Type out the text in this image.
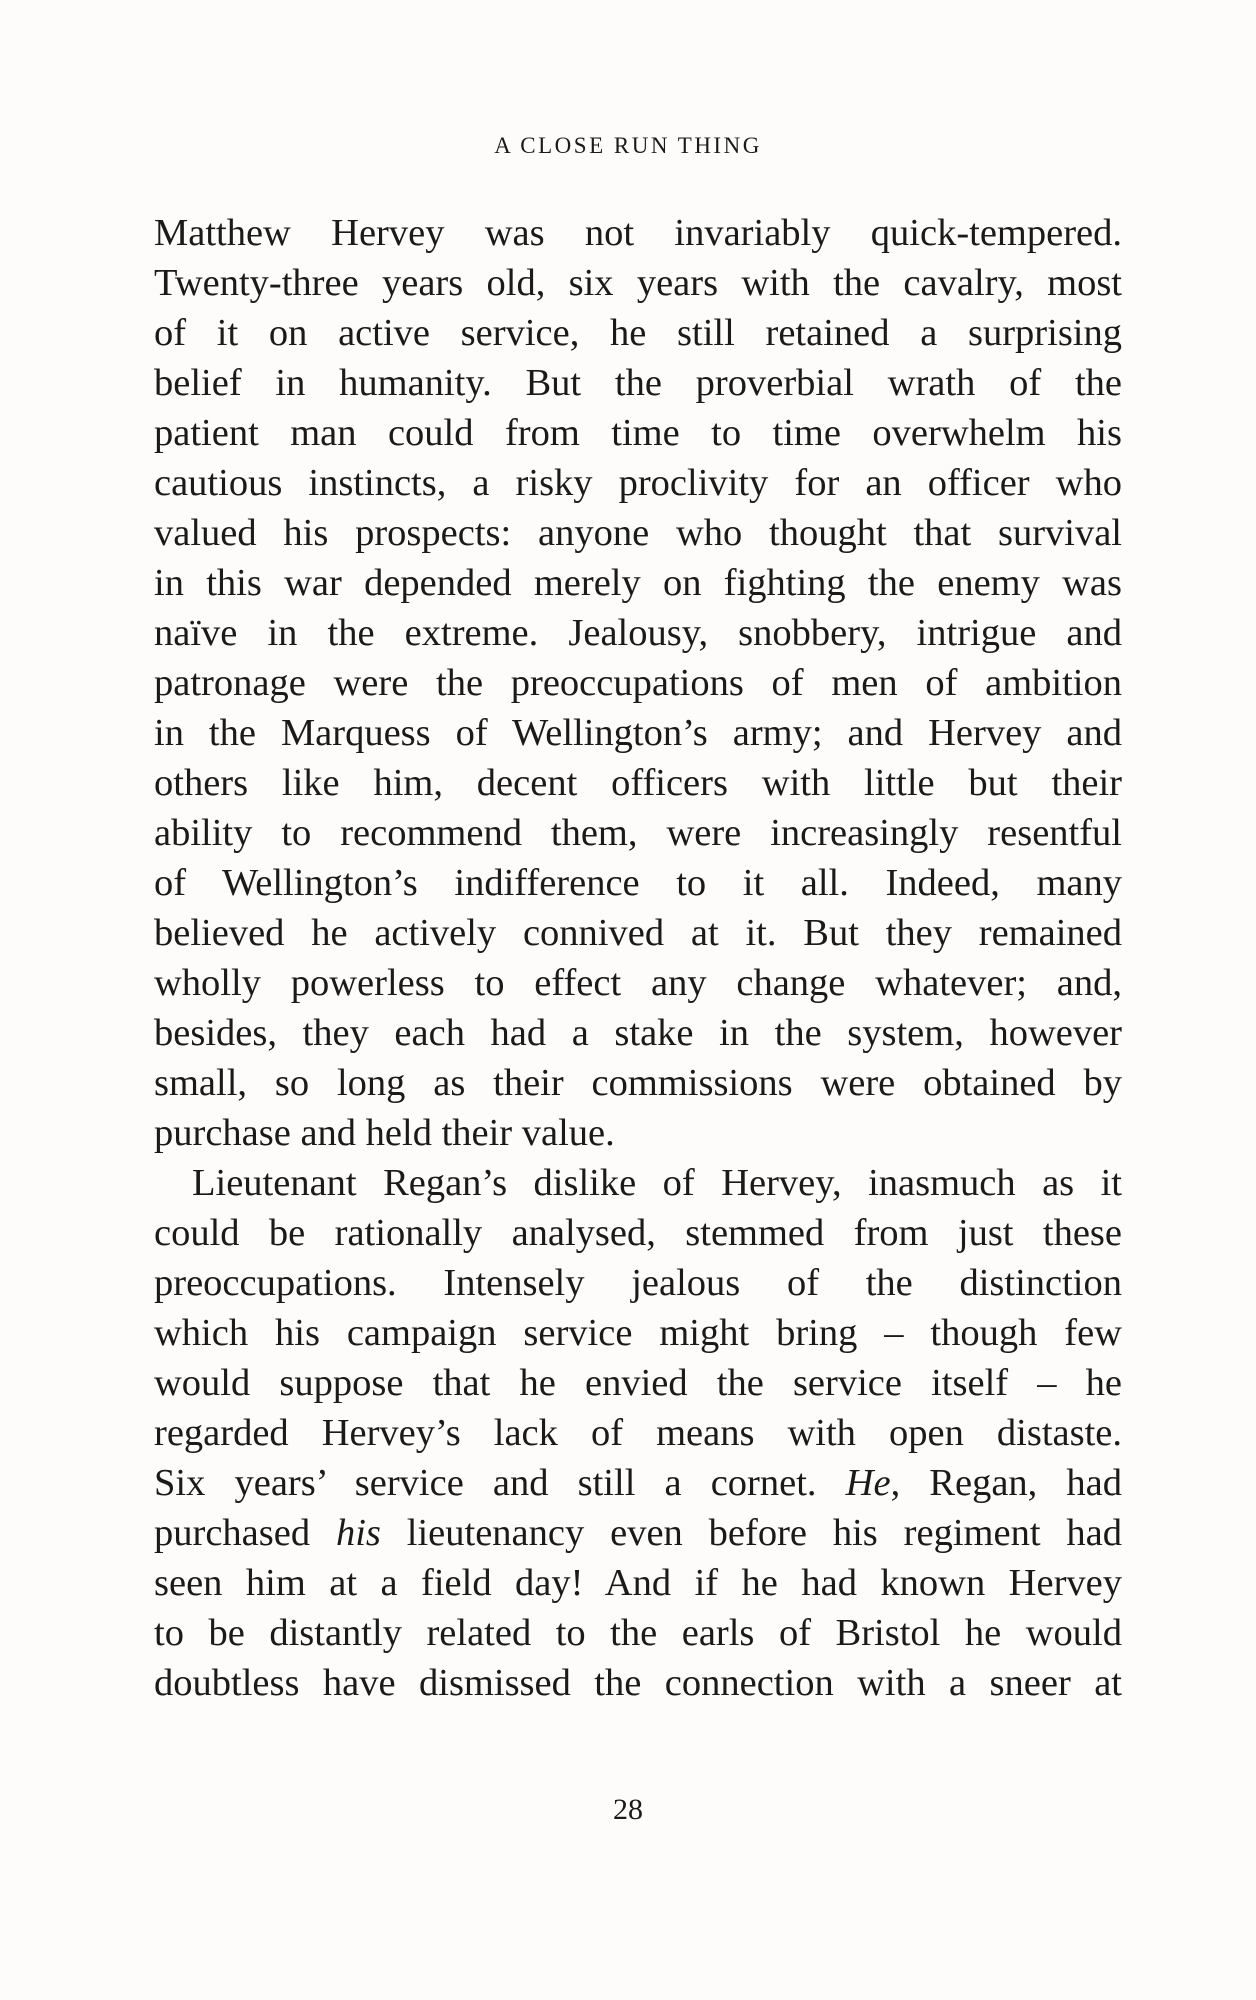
A CLOSE RUN THING
Matthew Hervey was not invariably quick-tempered.
Twenty-three years old, six years with the cavalry, most
of it on active service, he still retained a surprising
belief in humanity. But the proverbial wrath of the
patient man could from time to time overwhelm his
cautious instincts, a risky proclivity for an officer who
valued his prospects: anyone who thought that survival
in this war depended merely on fighting the enemy was
naïve in the extreme. Jealousy, snobbery, intrigue and
patronage were the preoccupations of men of ambition
in the Marquess of Wellington’s army; and Hervey and
others like him, decent officers with little but their
ability to recommend them, were increasingly resentful
of Wellington’s indifference to it all. Indeed, many
believed he actively connived at it. But they remained
wholly powerless to effect any change whatever; and,
besides, they each had a stake in the system, however
small, so long as their commissions were obtained by
purchase and held their value.
Lieutenant Regan’s dislike of Hervey, inasmuch as it
could be rationally analysed, stemmed from just these
preoccupations. Intensely jealous of the distinction
which his campaign service might bring – though few
would suppose that he envied the service itself – he
regarded Hervey’s lack of means with open distaste.
Six years’ service and still a cornet. He, Regan, had
purchased his lieutenancy even before his regiment had
seen him at a field day! And if he had known Hervey
to be distantly related to the earls of Bristol he would
doubtless have dismissed the connection with a sneer at
28
